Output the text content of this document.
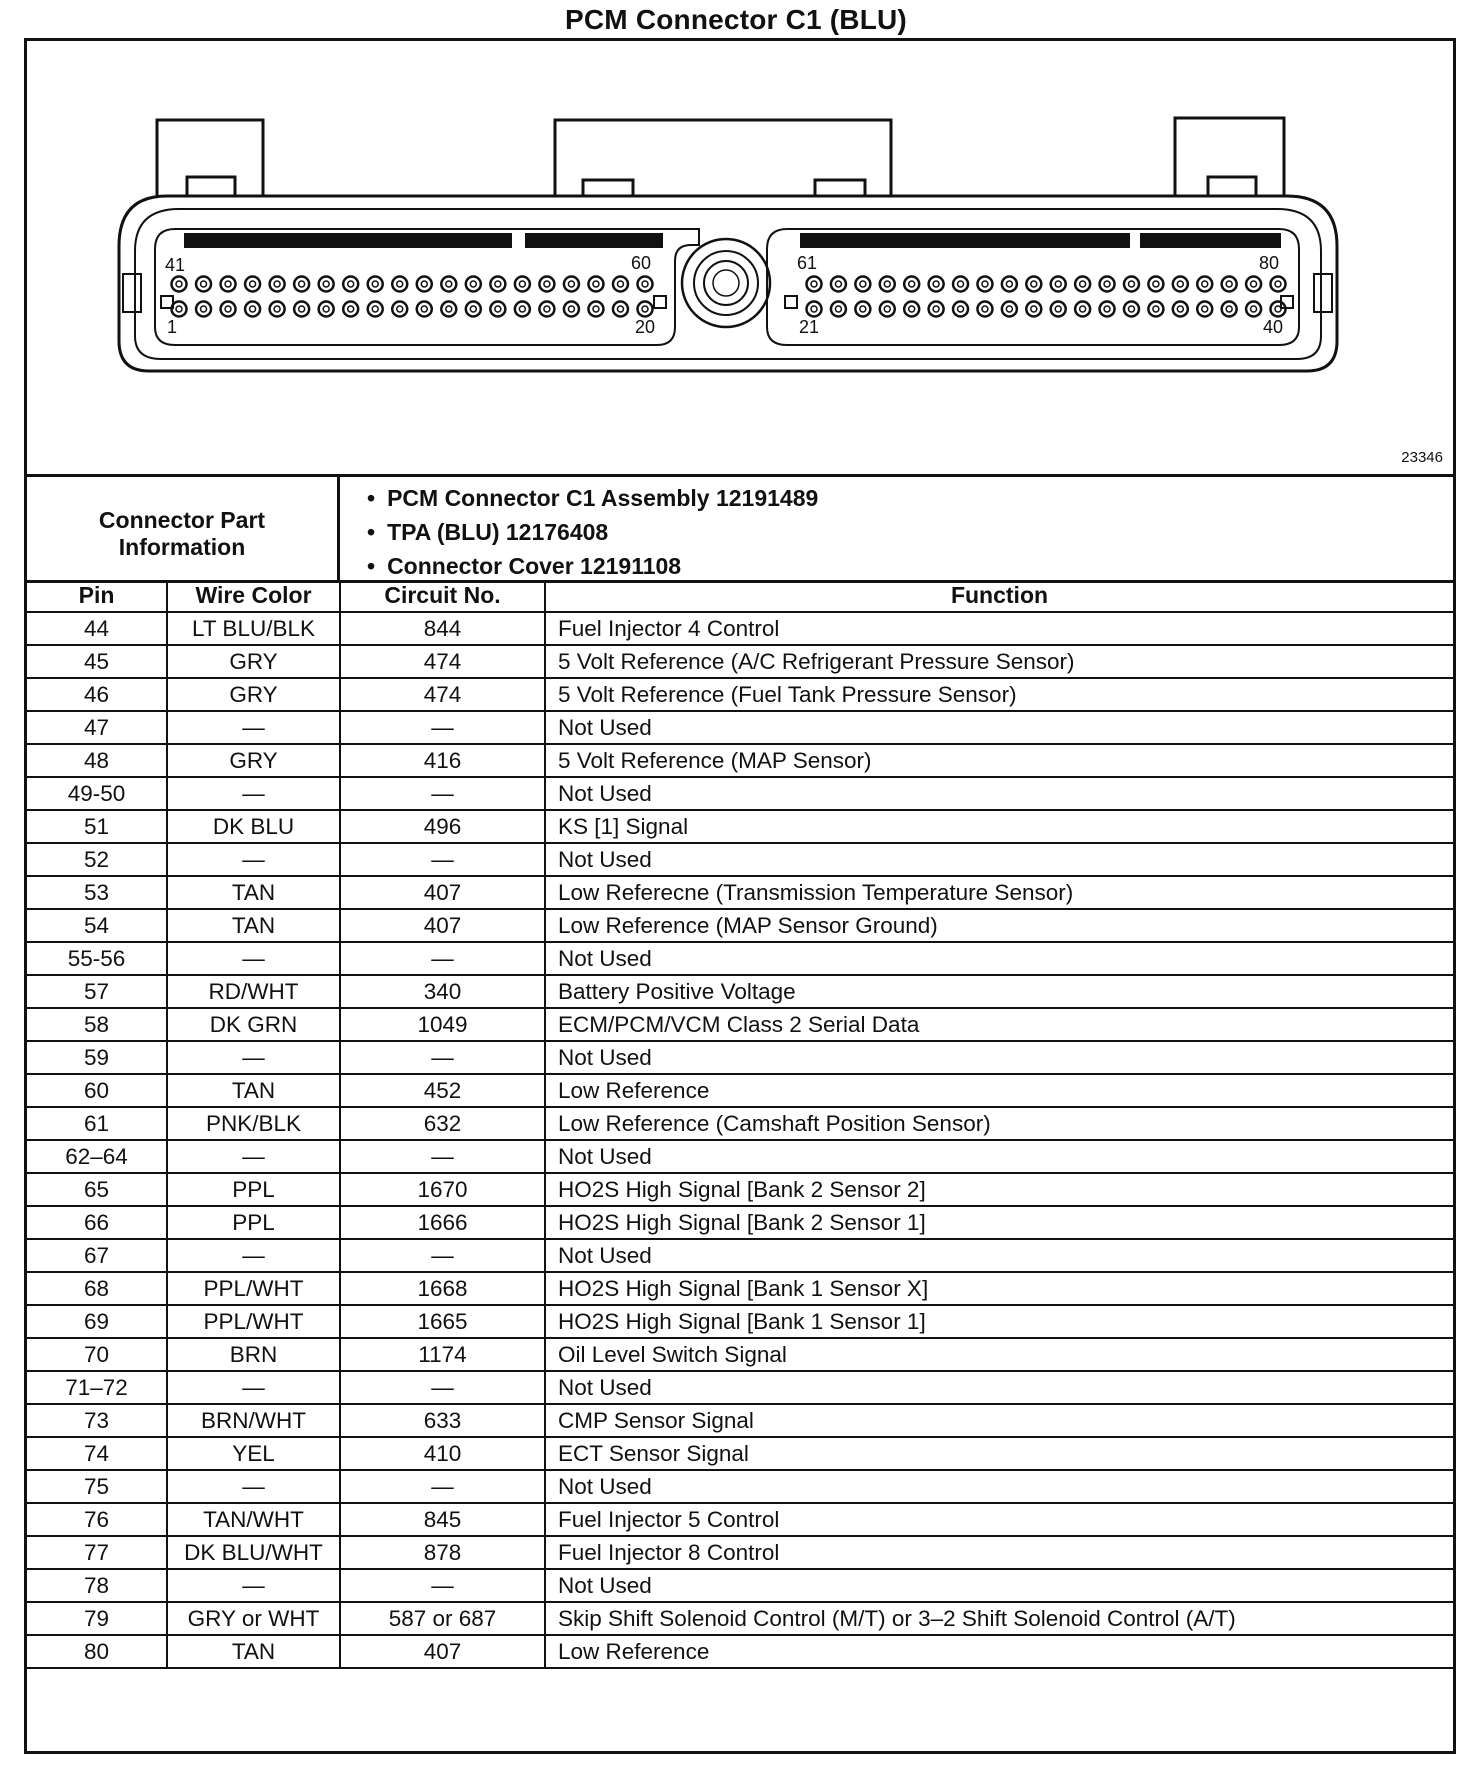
PCM Connector C1 (BLU)
41	60
1	20
61	80
21	40
23346
Connector Part
Information
• PCM Connector C1 Assembly 12191489
• TPA (BLU) 12176408
• Connector Cover 12191108
Pin	Wire Color	Circuit No.	Function
44	LT BLU/BLK	844	Fuel Injector 4 Control
45	GRY	474	5 Volt Reference (A/C Refrigerant Pressure Sensor)
46	GRY	474	5 Volt Reference (Fuel Tank Pressure Sensor)
47	—	—	Not Used
48	GRY	416	5 Volt Reference (MAP Sensor)
49-50	—	—	Not Used
51	DK BLU	496	KS [1] Signal
52	—	—	Not Used
53	TAN	407	Low Referecne (Transmission Temperature Sensor)
54	TAN	407	Low Reference (MAP Sensor Ground)
55-56	—	—	Not Used
57	RD/WHT	340	Battery Positive Voltage
58	DK GRN	1049	ECM/PCM/VCM Class 2 Serial Data
59	—	—	Not Used
60	TAN	452	Low Reference
61	PNK/BLK	632	Low Reference (Camshaft Position Sensor)
62–64	—	—	Not Used
65	PPL	1670	HO2S High Signal [Bank 2 Sensor 2]
66	PPL	1666	HO2S High Signal [Bank 2 Sensor 1]
67	—	—	Not Used
68	PPL/WHT	1668	HO2S High Signal [Bank 1 Sensor X]
69	PPL/WHT	1665	HO2S High Signal [Bank 1 Sensor 1]
70	BRN	1174	Oil Level Switch Signal
71–72	—	—	Not Used
73	BRN/WHT	633	CMP Sensor Signal
74	YEL	410	ECT Sensor Signal
75	—	—	Not Used
76	TAN/WHT	845	Fuel Injector 5 Control
77	DK BLU/WHT	878	Fuel Injector 8 Control
78	—	—	Not Used
79	GRY or WHT	587 or 687	Skip Shift Solenoid Control (M/T) or 3–2 Shift Solenoid Control (A/T)
80	TAN	407	Low Reference
